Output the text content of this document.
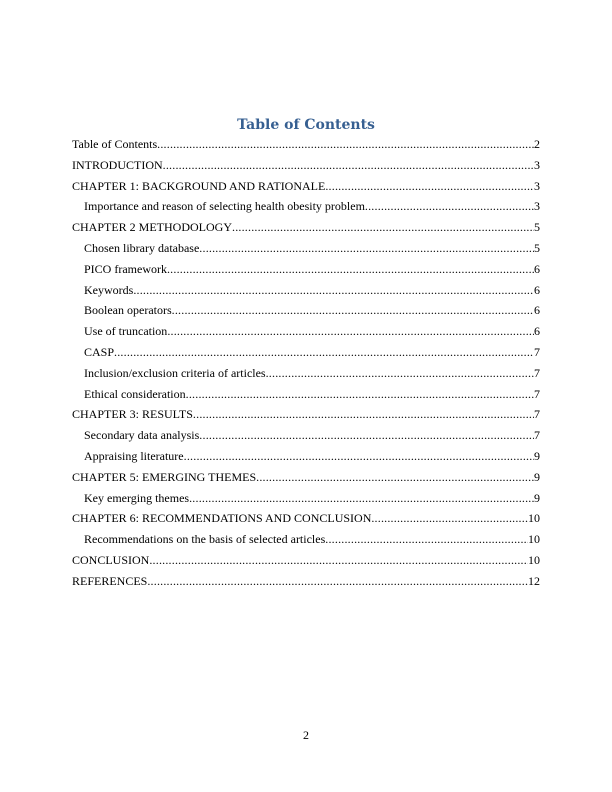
Table of Contents
Table of Contents .....	2
INTRODUCTION .....	3
CHAPTER 1: BACKGROUND AND RATIONALE .....	3
Importance and reason of selecting health obesity problem .....	3
CHAPTER 2 METHODOLOGY .....	5
Chosen library database .....	5
PICO framework .....	6
Keywords .....	6
Boolean operators .....	6
Use of truncation .....	6
CASP .....	7
Inclusion/exclusion criteria of articles .....	7
Ethical consideration .....	7
CHAPTER 3: RESULTS .....	7
Secondary data analysis .....	7
Appraising literature .....	9
CHAPTER 5: EMERGING THEMES .....	9
Key emerging themes .....	9
CHAPTER 6: RECOMMENDATIONS AND CONCLUSION .....	10
Recommendations on the basis of selected articles .....	10
CONCLUSION .....	10
REFERENCES .....	12
2
